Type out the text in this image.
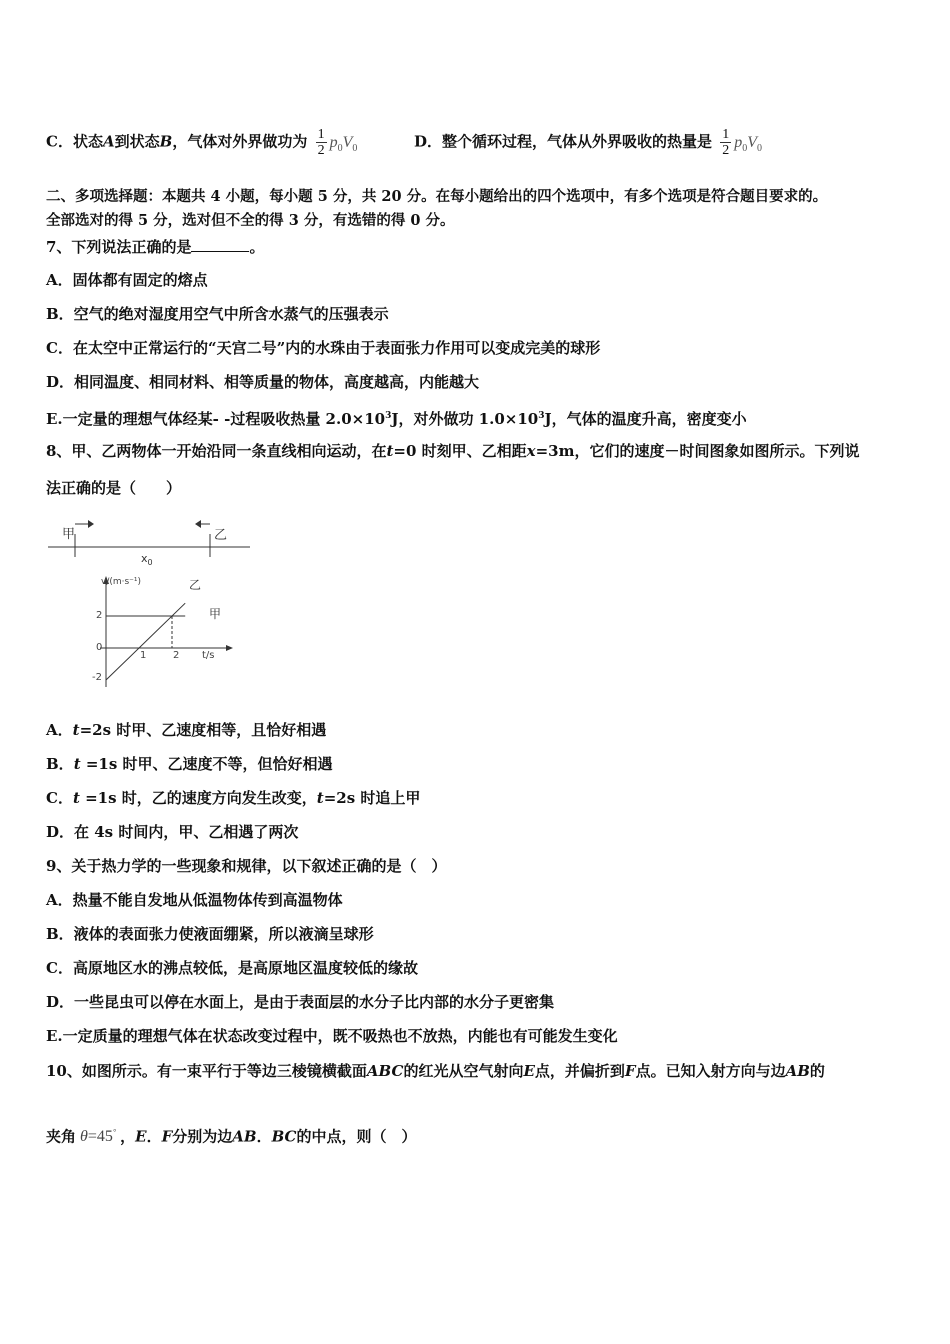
C．状态A到状态B，气体对外界做功为 $\frac{1}{2} p_0V_0$	D．整个循环过程，气体从外界吸收的热量是 $\frac{1}{2} p_0V_0$
二、多项选择题：本题共 4 小题，每小题 5 分，共 20 分。在每小题给出的四个选项中，有多个选项是符合题目要求的。
全部选对的得 5 分，选对但不全的得 3 分，有选错的得 0 分。
7、下列说法正确的是	。
A．固体都有固定的熔点
B．空气的绝对湿度用空气中所含水蒸气的压强表示
C．在太空中正常运行的“天宫二号”内的水珠由于表面张力作用可以变成完美的球形
D．相同温度、相同材料、相等质量的物体，高度越高，内能越大
E.一定量的理想气体经某- -过程吸收热量 $2.0\times 10^3J$，对外做功 $1.0\times 10^3J$，气体的温度升高，密度变小
8、甲、乙两物体一开始沿同一条直线相向运动，在t=0 时刻甲、乙相距x=3m，它们的速度－时间图象如图所示。下列说
法正确的是（　　）
甲	乙
$x_0$
v/(m·s⁻¹)
t/s
2
0
-2
1	2
甲
乙
A．t=2s 时甲、乙速度相等，且恰好相遇
B．t =1s 时甲、乙速度不等，但恰好相遇
C．t =1s 时，乙的速度方向发生改变，t=2s 时追上甲
D．在 4s 时间内，甲、乙相遇了两次
9、关于热力学的一些现象和规律，以下叙述正确的是（　）
A．热量不能自发地从低温物体传到高温物体
B．液体的表面张力使液面绷紧，所以液滴呈球形
C．高原地区水的沸点较低，是高原地区温度较低的缘故
D．一些昆虫可以停在水面上，是由于表面层的水分子比内部的水分子更密集
E.一定质量的理想气体在状态改变过程中，既不吸热也不放热，内能也有可能发生变化
10、如图所示。有一束平行于等边三棱镜横截面ABC的红光从空气射向E点，并偏折到F点。已知入射方向与边AB的
夹角 θ=45° ，E．F分别为边AB．BC的中点，则（　）
